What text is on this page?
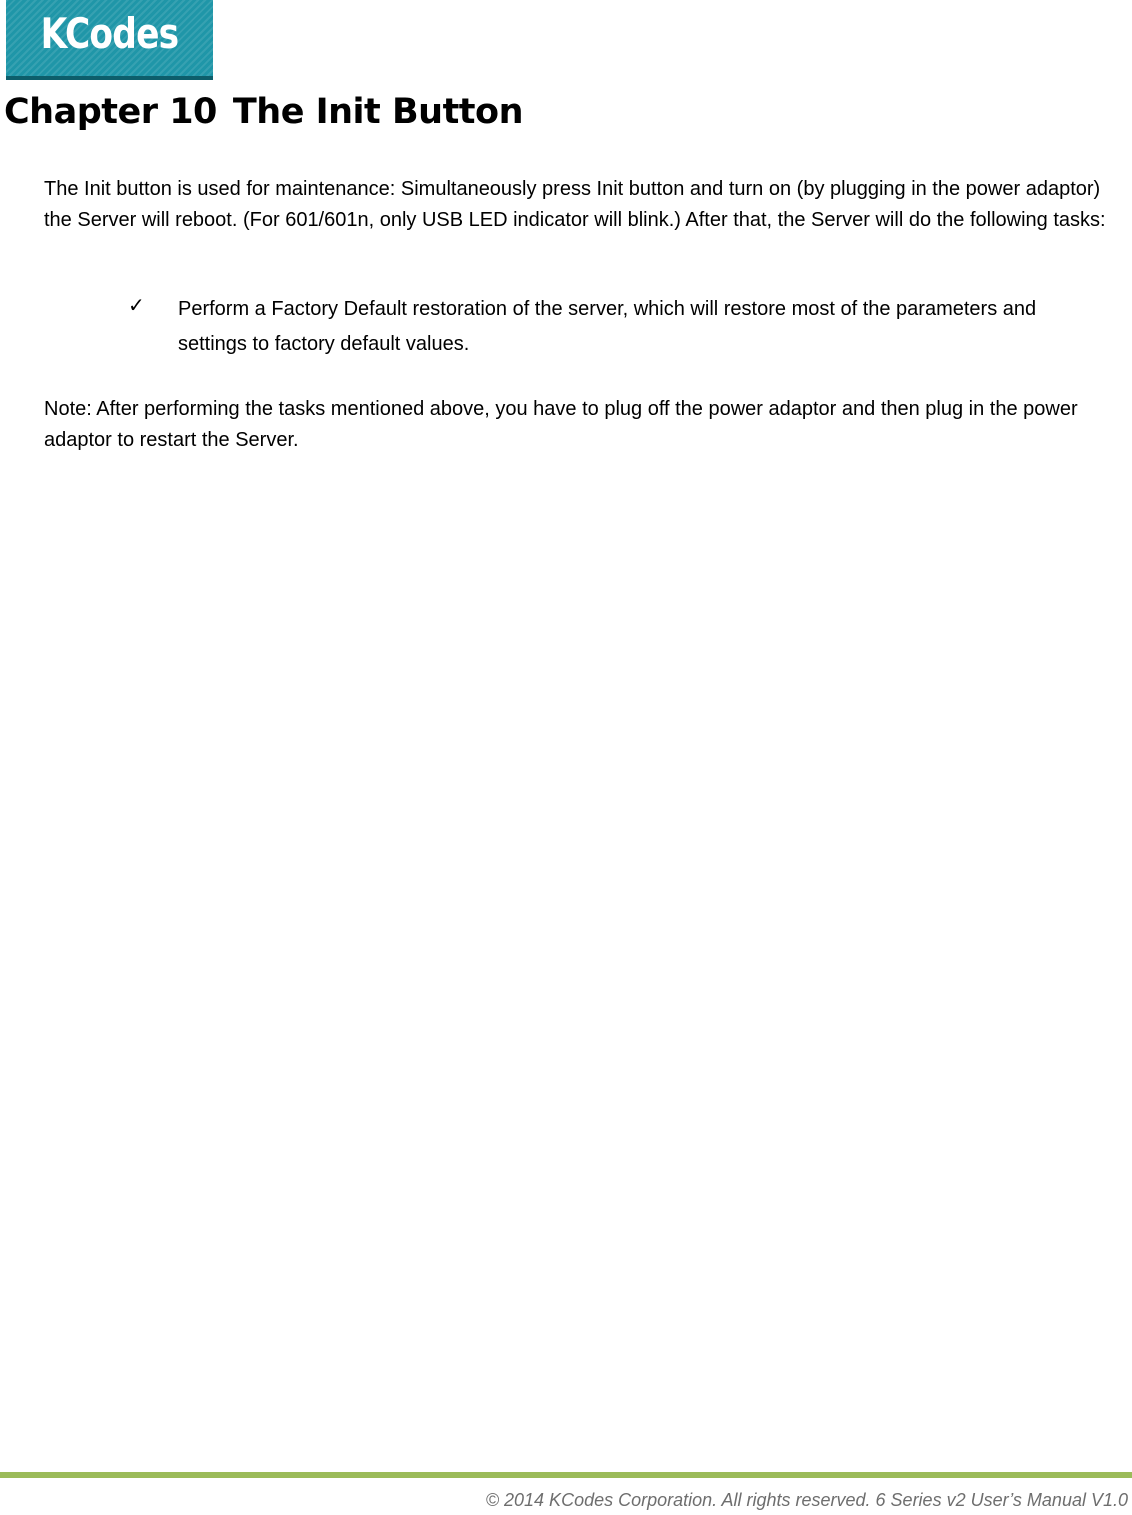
KCodes
Chapter 10 The Init Button

The Init button is used for maintenance: Simultaneously press Init button and turn on (by plugging in the power adaptor) the Server will reboot. (For 601/601n, only USB LED indicator will blink.) After that, the Server will do the following tasks:

✓ Perform a Factory Default restoration of the server, which will restore most of the parameters and settings to factory default values.

Note: After performing the tasks mentioned above, you have to plug off the power adaptor and then plug in the power adaptor to restart the Server.

© 2014 KCodes Corporation. All rights reserved. 6 Series v2 User’s Manual V1.0
